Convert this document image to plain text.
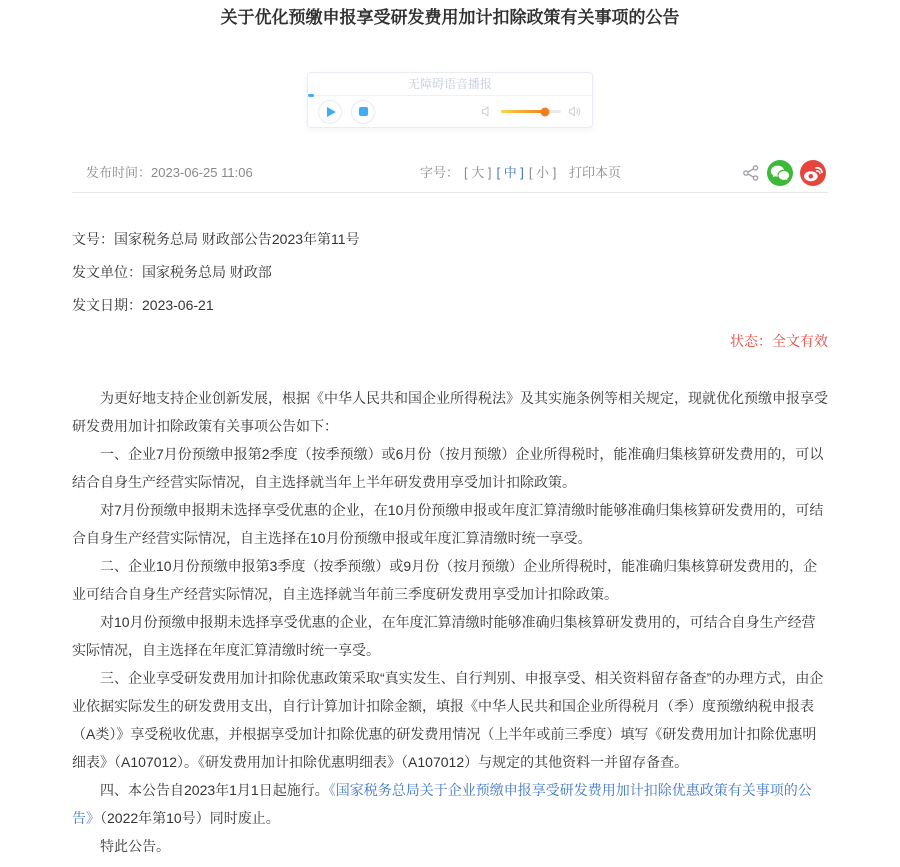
关于优化预缴申报享受研发费用加计扣除政策有关事项的公告
无障碍语音播报
发布时间：2023-06-25 11:06	字号： [ 大 ] [ 中 ] [ 小 ] 打印本页
文号：国家税务总局 财政部公告2023年第11号
发文单位：国家税务总局 财政部
发文日期：2023-06-21
状态：全文有效

为更好地支持企业创新发展，根据《中华人民共和国企业所得税法》及其实施条例等相关规定，现就优化预缴申报享受研发费用加计扣除政策有关事项公告如下：

一、企业7月份预缴申报第2季度（按季预缴）或6月份（按月预缴）企业所得税时，能准确归集核算研发费用的，可以结合自身生产经营实际情况，自主选择就当年上半年研发费用享受加计扣除政策。

对7月份预缴申报期未选择享受优惠的企业，在10月份预缴申报或年度汇算清缴时能够准确归集核算研发费用的，可结合自身生产经营实际情况，自主选择在10月份预缴申报或年度汇算清缴时统一享受。

二、企业10月份预缴申报第3季度（按季预缴）或9月份（按月预缴）企业所得税时，能准确归集核算研发费用的，企业可结合自身生产经营实际情况，自主选择就当年前三季度研发费用享受加计扣除政策。

对10月份预缴申报期未选择享受优惠的企业，在年度汇算清缴时能够准确归集核算研发费用的，可结合自身生产经营实际情况，自主选择在年度汇算清缴时统一享受。

三、企业享受研发费用加计扣除优惠政策采取“真实发生、自行判别、申报享受、相关资料留存备查”的办理方式，由企业依据实际发生的研发费用支出，自行计算加计扣除金额，填报《中华人民共和国企业所得税月（季）度预缴纳税申报表（A类）》享受税收优惠，并根据享受加计扣除优惠的研发费用情况（上半年或前三季度）填写《研发费用加计扣除优惠明细表》（A107012）。《研发费用加计扣除优惠明细表》（A107012）与规定的其他资料一并留存备查。

四、本公告自2023年1月1日起施行。《国家税务总局关于企业预缴申报享受研发费用加计扣除优惠政策有关事项的公告》（2022年第10号）同时废止。

特此公告。
